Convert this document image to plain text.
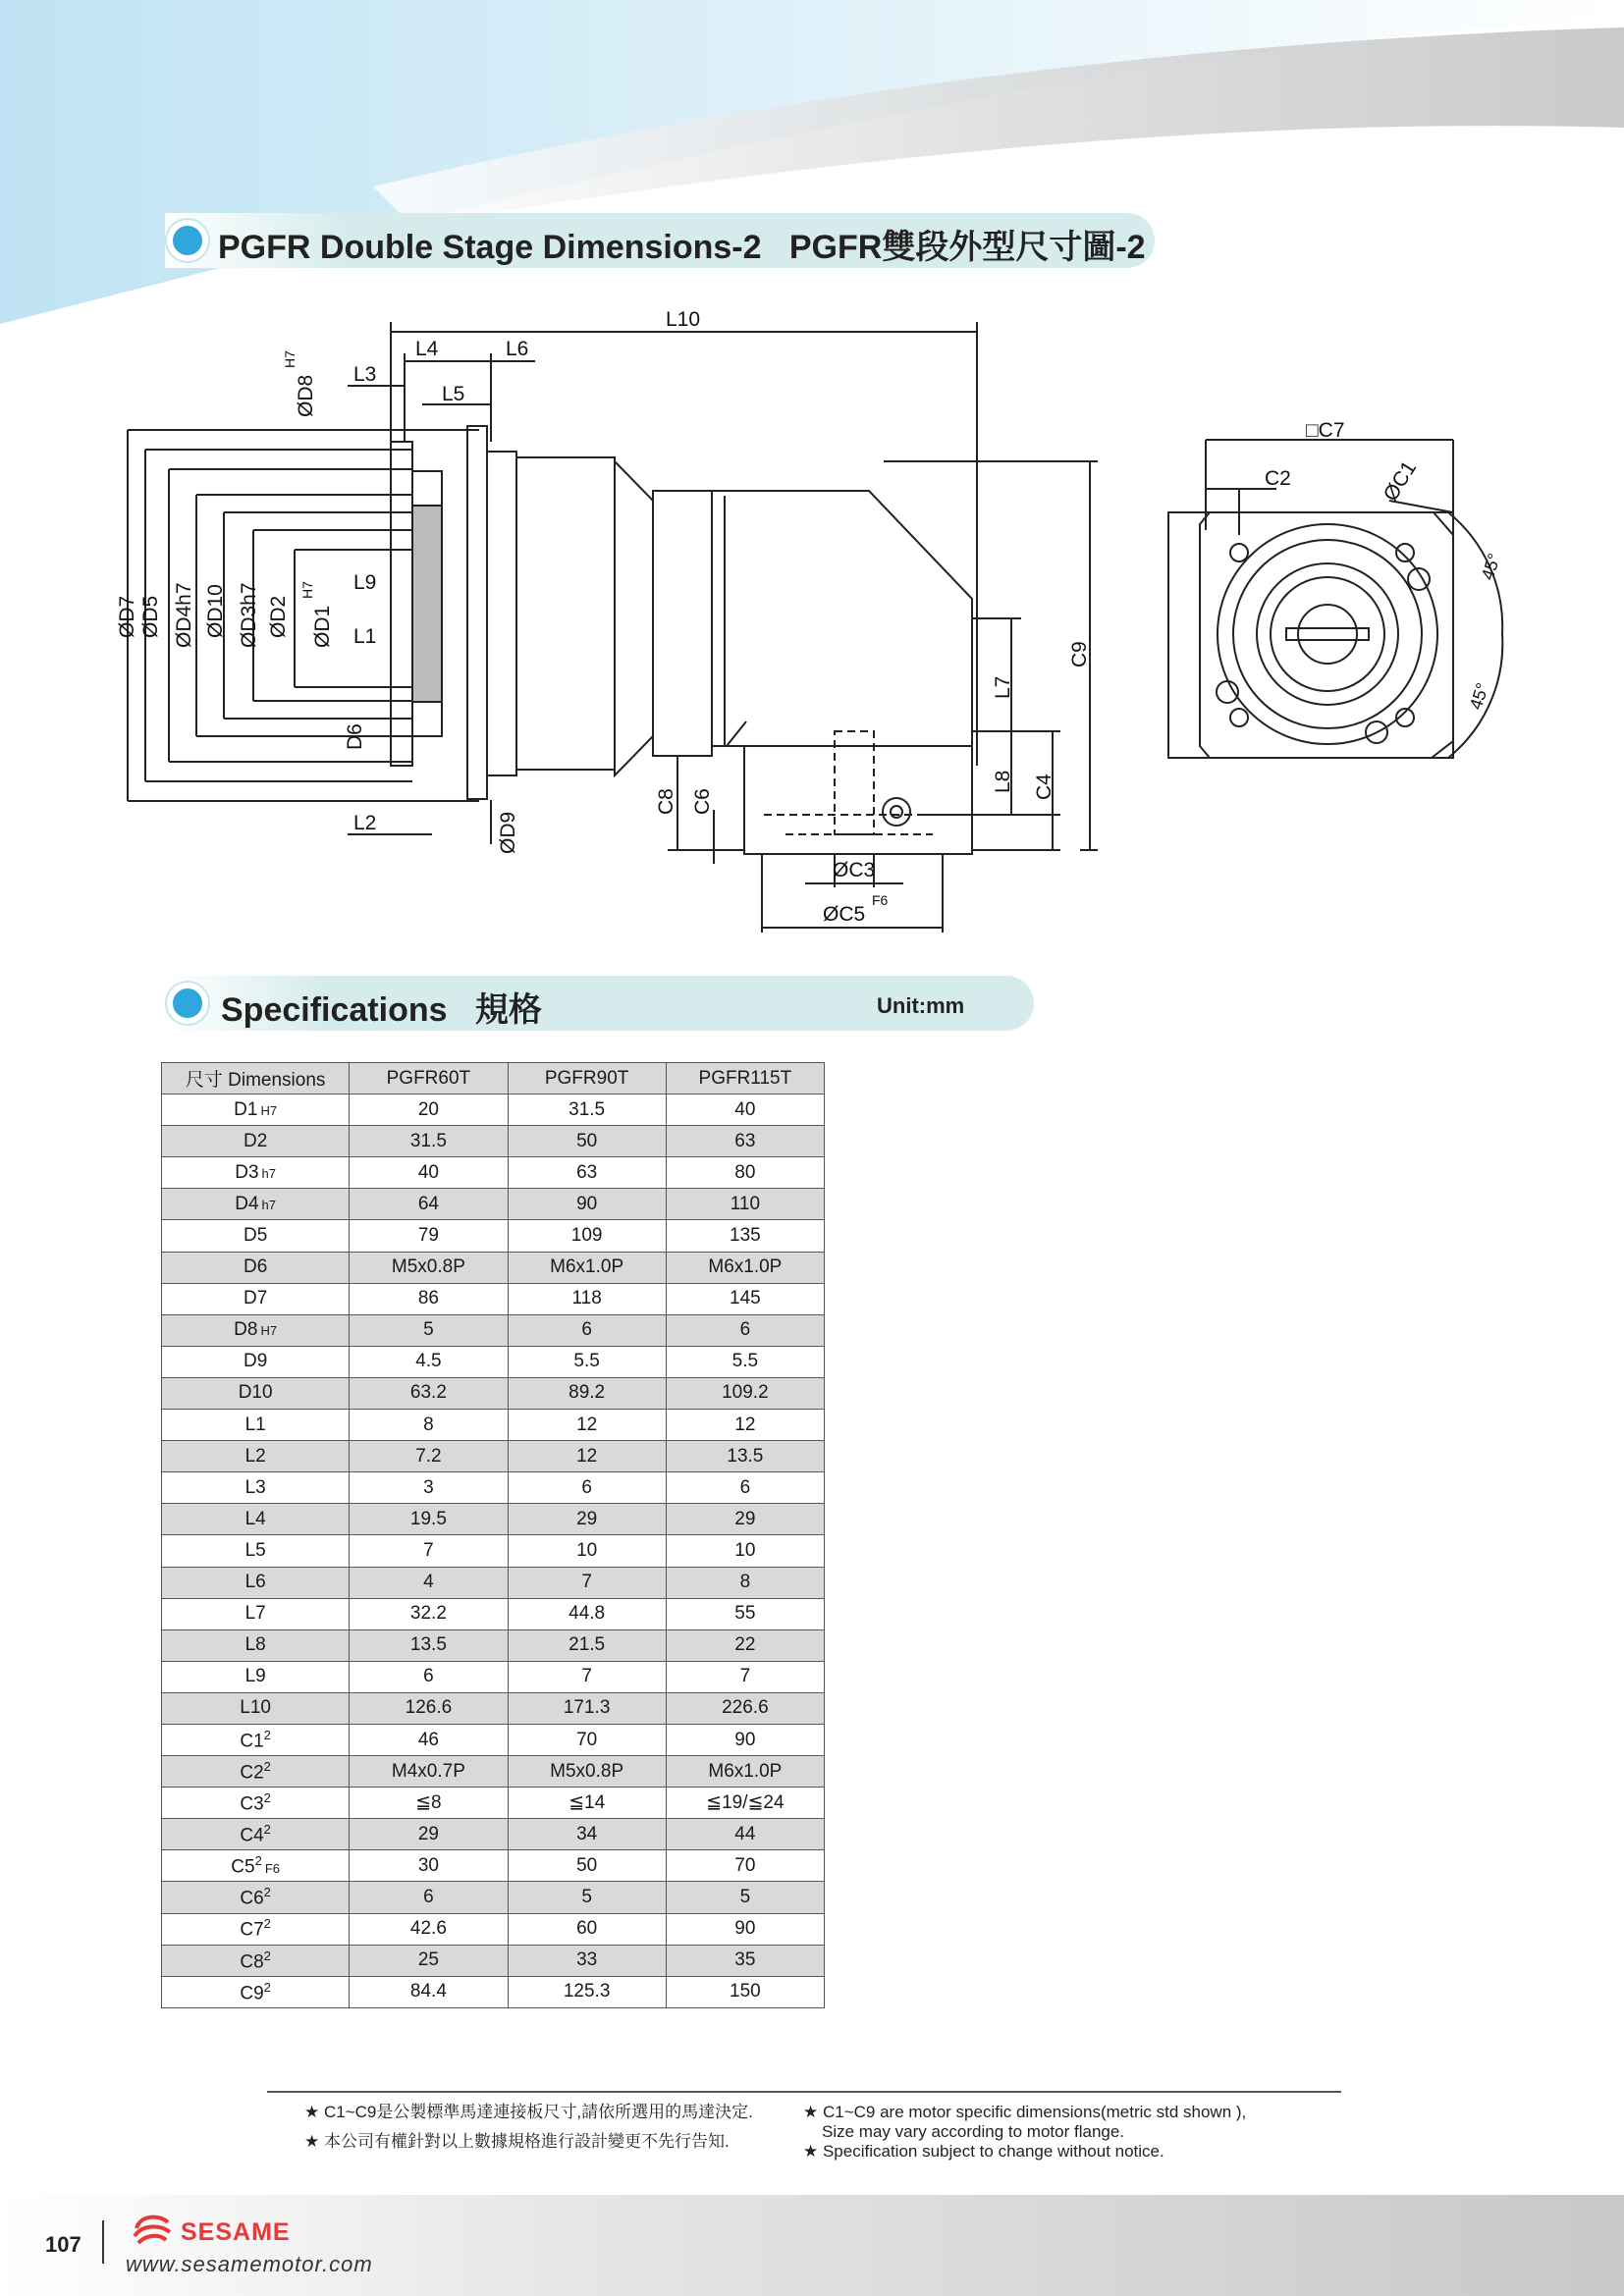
PGFR Double Stage Dimensions-2   PGFR雙段外型尺寸圖-2
L10
L4	L6
L3
L5
ØD8
H7
ØD7 ØD5 ØD4h7 ØD10 ØD3h7 ØD2 ØD1
H7 L9
L1
D6
L2	ØD9
C8 C6
ØC3
ØC5
F6
L7
L8 C4
C9
□C7
C2	ØC1
45°
45°
Specifications   規格	Unit:mm
尺寸 Dimensions	PGFR60T	PGFR90T	PGFR115T
D1 H7	20	31.5	40
D2	31.5	50	63
D3 h7	40	63	80
D4 h7	64	90	110
D5	79	109	135
D6	M5x0.8P	M6x1.0P	M6x1.0P
D7	86	118	145
D8 H7	5	6	6
D9	4.5	5.5	5.5
D10	63.2	89.2	109.2
L1	8	12	12
L2	7.2	12	13.5
L3	3	6	6
L4	19.5	29	29
L5	7	10	10
L6	4	7	8
L7	32.2	44.8	55
L8	13.5	21.5	22
L9	6	7	7
L10	126.6	171.3	226.6
$C1^2$	46	70	90
$C2^2$	M4x0.7P	M5x0.8P	M6x1.0P
$C3^2$	≦8	≦14	≦19/≦24
$C4^2$	29	34	44
$C5^2$ F6	30	50	70
$C6^2$	6	5	5
$C7^2$	42.6	60	90
$C8^2$	25	33	35
$C9^2$	84.4	125.3	150
★ C1~C9是公製標準馬達連接板尺寸,請依所選用的馬達決定.
★ 本公司有權針對以上數據規格進行設計變更不先行告知.
★ C1~C9 are motor specific dimensions(metric std shown ),
Size may vary according to motor flange.
★ Specification subject to change without notice.
107	SESAME
www.sesamemotor.com
